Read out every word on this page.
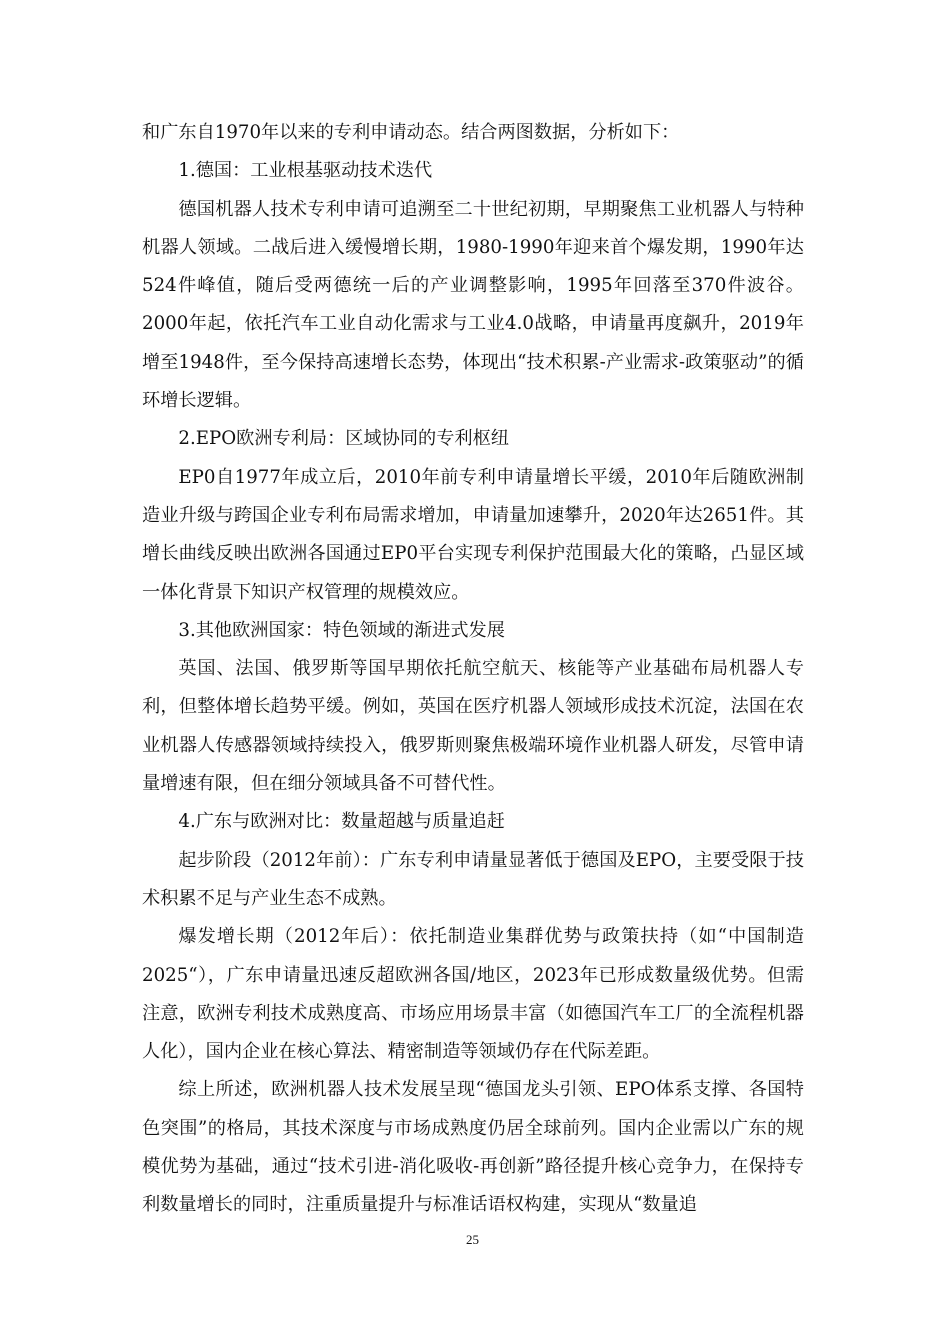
和广东自1970年以来的专利申请动态。结合两图数据，分析如下：

1.德国：工业根基驱动技术迭代

德国机器人技术专利申请可追溯至二十世纪初期，早期聚焦工业机器人与特种机器人领域。二战后进入缓慢增长期，1980-1990年迎来首个爆发期，1990年达524件峰值，随后受两德统一后的产业调整影响，1995年回落至370件波谷。2000年起，依托汽车工业自动化需求与工业4.0战略，申请量再度飙升，2019年增至1948件，至今保持高速增长态势，体现出“技术积累-产业需求-政策驱动”的循环增长逻辑。

2.EPO欧洲专利局：区域协同的专利枢纽

EP0自1977年成立后，2010年前专利申请量增长平缓，2010年后随欧洲制造业升级与跨国企业专利布局需求增加，申请量加速攀升，2020年达2651件。其增长曲线反映出欧洲各国通过EP0平台实现专利保护范围最大化的策略，凸显区域一体化背景下知识产权管理的规模效应。

3.其他欧洲国家：特色领域的渐进式发展

英国、法国、俄罗斯等国早期依托航空航天、核能等产业基础布局机器人专利，但整体增长趋势平缓。例如，英国在医疗机器人领域形成技术沉淀，法国在农业机器人传感器领域持续投入，俄罗斯则聚焦极端环境作业机器人研发，尽管申请量增速有限，但在细分领域具备不可替代性。

4.广东与欧洲对比：数量超越与质量追赶

起步阶段（2012年前）：广东专利申请量显著低于德国及EPO，主要受限于技术积累不足与产业生态不成熟。

爆发增长期（2012年后）：依托制造业集群优势与政策扶持（如“中国制造2025“），广东申请量迅速反超欧洲各国/地区，2023年已形成数量级优势。但需注意，欧洲专利技术成熟度高、市场应用场景丰富（如德国汽车工厂的全流程机器人化），国内企业在核心算法、精密制造等领域仍存在代际差距。

综上所述，欧洲机器人技术发展呈现“德国龙头引领、EPO体系支撑、各国特色突围”的格局，其技术深度与市场成熟度仍居全球前列。国内企业需以广东的规模优势为基础，通过“技术引进-消化吸收-再创新”路径提升核心竞争力，在保持专利数量增长的同时，注重质量提升与标准话语权构建，实现从“数量追

25
